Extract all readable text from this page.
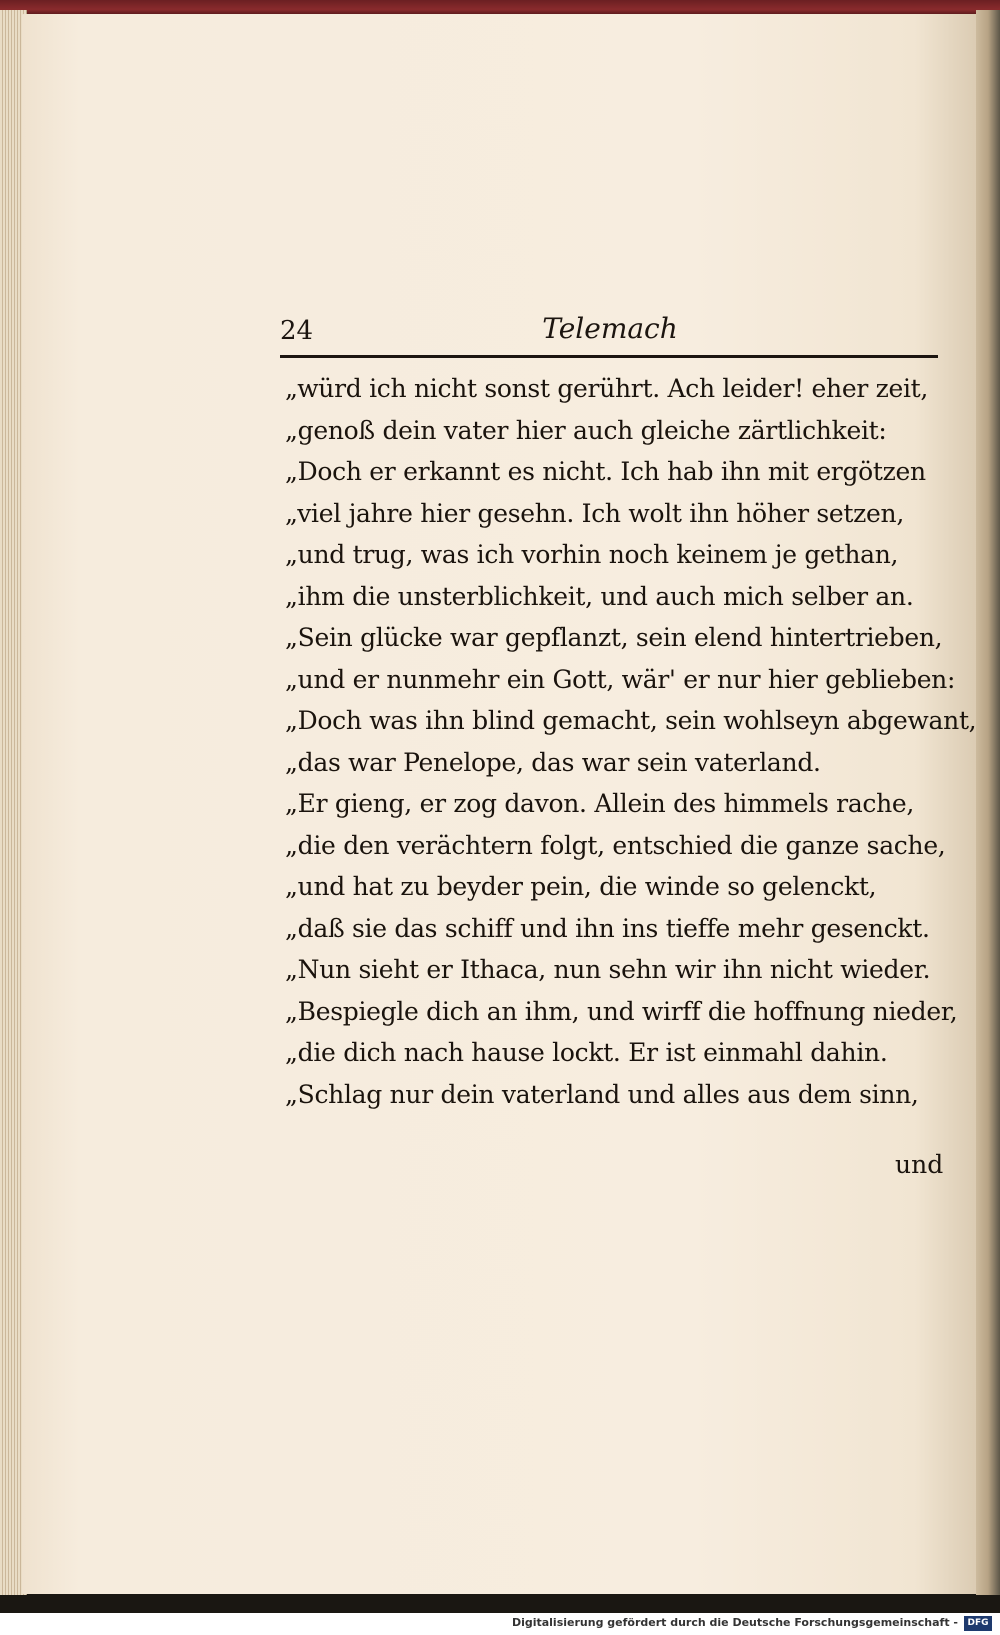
24	Telemach
„würd ich nicht sonst gerührt. Ach leider! eher zeit,
„genoß dein vater hier auch gleiche zärtlichkeit:
„Doch er erkannt es nicht. Ich hab ihn mit ergötzen
„viel jahre hier gesehn. Ich wolt ihn höher setzen,
„und trug, was ich vorhin noch keinem je gethan,
„ihm die unsterblichkeit, und auch mich selber an.
„Sein glücke war gepflanzt, sein elend hintertrieben,
„und er nunmehr ein Gott, wär' er nur hier geblieben:
„Doch was ihn blind gemacht, sein wohlseyn abgewant,
„das war Penelope, das war sein vaterland.
„Er gieng, er zog davon. Allein des himmels rache,
„die den verächtern folgt, entschied die ganze sache,
„und hat zu beyder pein, die winde so gelenckt,
„daß sie das schiff und ihn ins tieffe mehr gesenckt.
„Nun sieht er Ithaca, nun sehn wir ihn nicht wieder.
„Bespiegle dich an ihm, und wirff die hoffnung nieder,
„die dich nach hause lockt. Er ist einmahl dahin.
„Schlag nur dein vaterland und alles aus dem sinn,
und
Digitalisierung gefördert durch die Deutsche Forschungsgemeinschaft -	DFG
